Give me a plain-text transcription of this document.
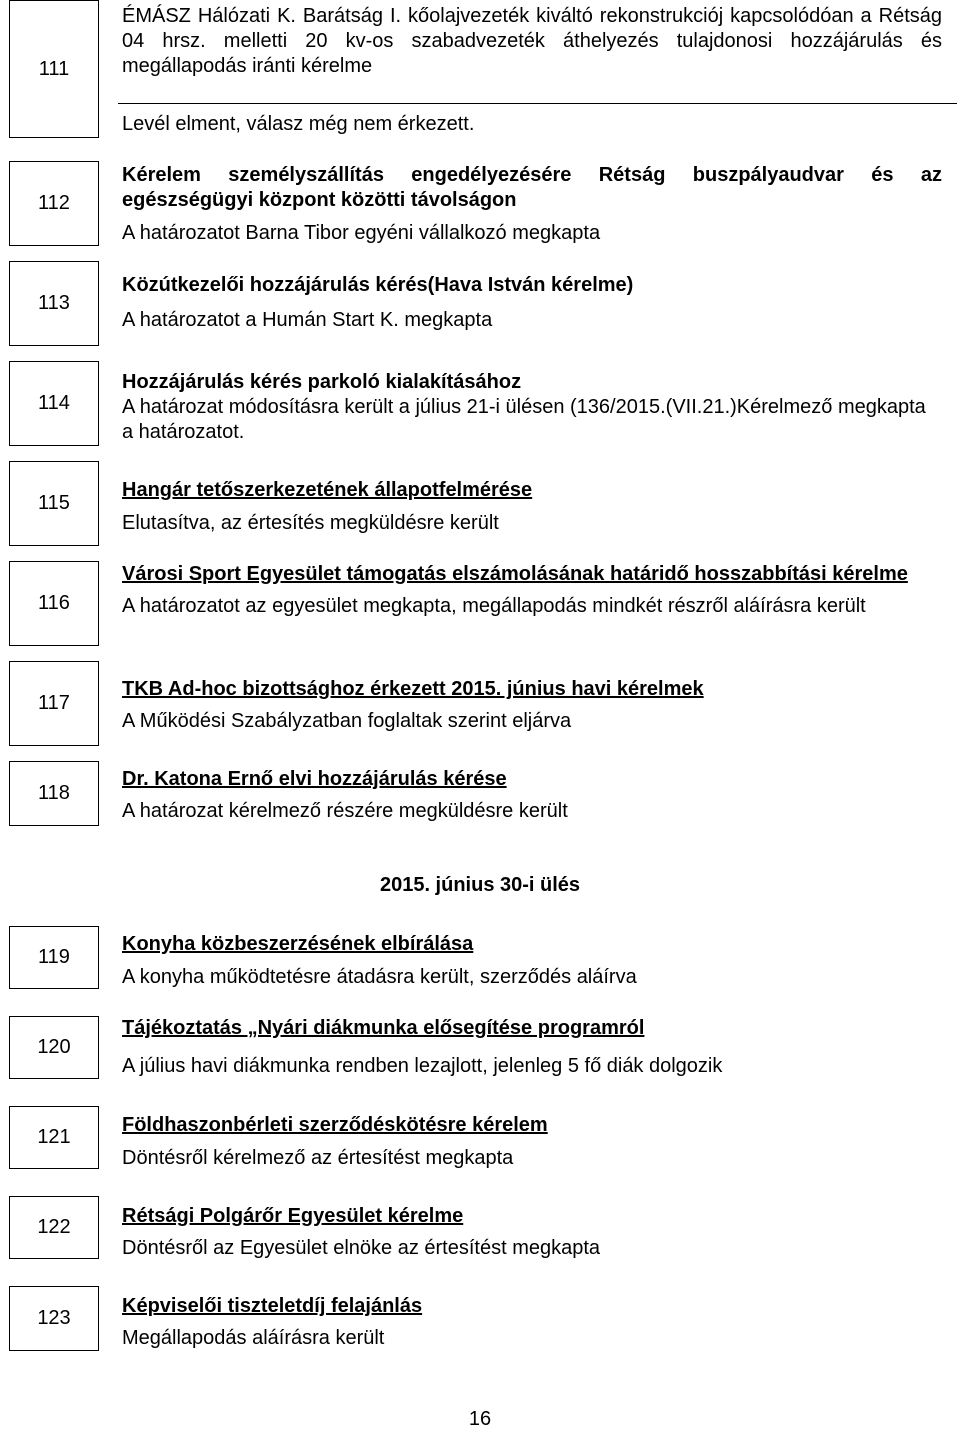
111

ÉMÁSZ Hálózati K. Barátság I. kőolajvezeték kiváltó rekonstrukciój kapcsolódóan a Rétság 04 hrsz. melletti 20 kv-os szabadvezeték áthelyezés tulajdonosi hozzájárulás és megállapodás iránti kérelme

Levél elment, válasz még nem érkezett.

112

Kérelem személyszállítás engedélyezésére Rétság buszpályaudvar és az egészségügyi központ közötti távolságon

A határozatot Barna Tibor egyéni vállalkozó megkapta

113

Közútkezelői hozzájárulás kérés(Hava István kérelme)

A határozatot a Humán Start K. megkapta

114

Hozzájárulás kérés parkoló kialakításához

A határozat módosításra került a július 21-i ülésen (136/2015.(VII.21.)Kérelmező megkapta a határozatot.

115

Hangár tetőszerkezetének állapotfelmérése

Elutasítva, az értesítés megküldésre került

116

Városi Sport Egyesület támogatás elszámolásának határidő hosszabbítási kérelme

A határozatot az egyesület megkapta, megállapodás mindkét részről aláírásra került

117

TKB Ad-hoc bizottsághoz érkezett 2015. június havi kérelmek

A Működési Szabályzatban foglaltak szerint eljárva

118

Dr. Katona Ernő elvi hozzájárulás kérése

A határozat kérelmező részére megküldésre került

2015. június 30-i ülés
119

Konyha közbeszerzésének elbírálása

A konyha működtetésre átadásra került, szerződés aláírva

120

Tájékoztatás „Nyári diákmunka elősegítése programról

A július havi diákmunka rendben lezajlott, jelenleg 5 fő diák dolgozik

121

Földhaszonbérleti szerződéskötésre kérelem

Döntésről kérelmező az értesítést megkapta

122	Rétsági Polgárőr Egyesület kérelme

Döntésről az Egyesület elnöke az értesítést megkapta

123

Képviselői tiszteletdíj felajánlás

Megállapodás aláírásra került

16
